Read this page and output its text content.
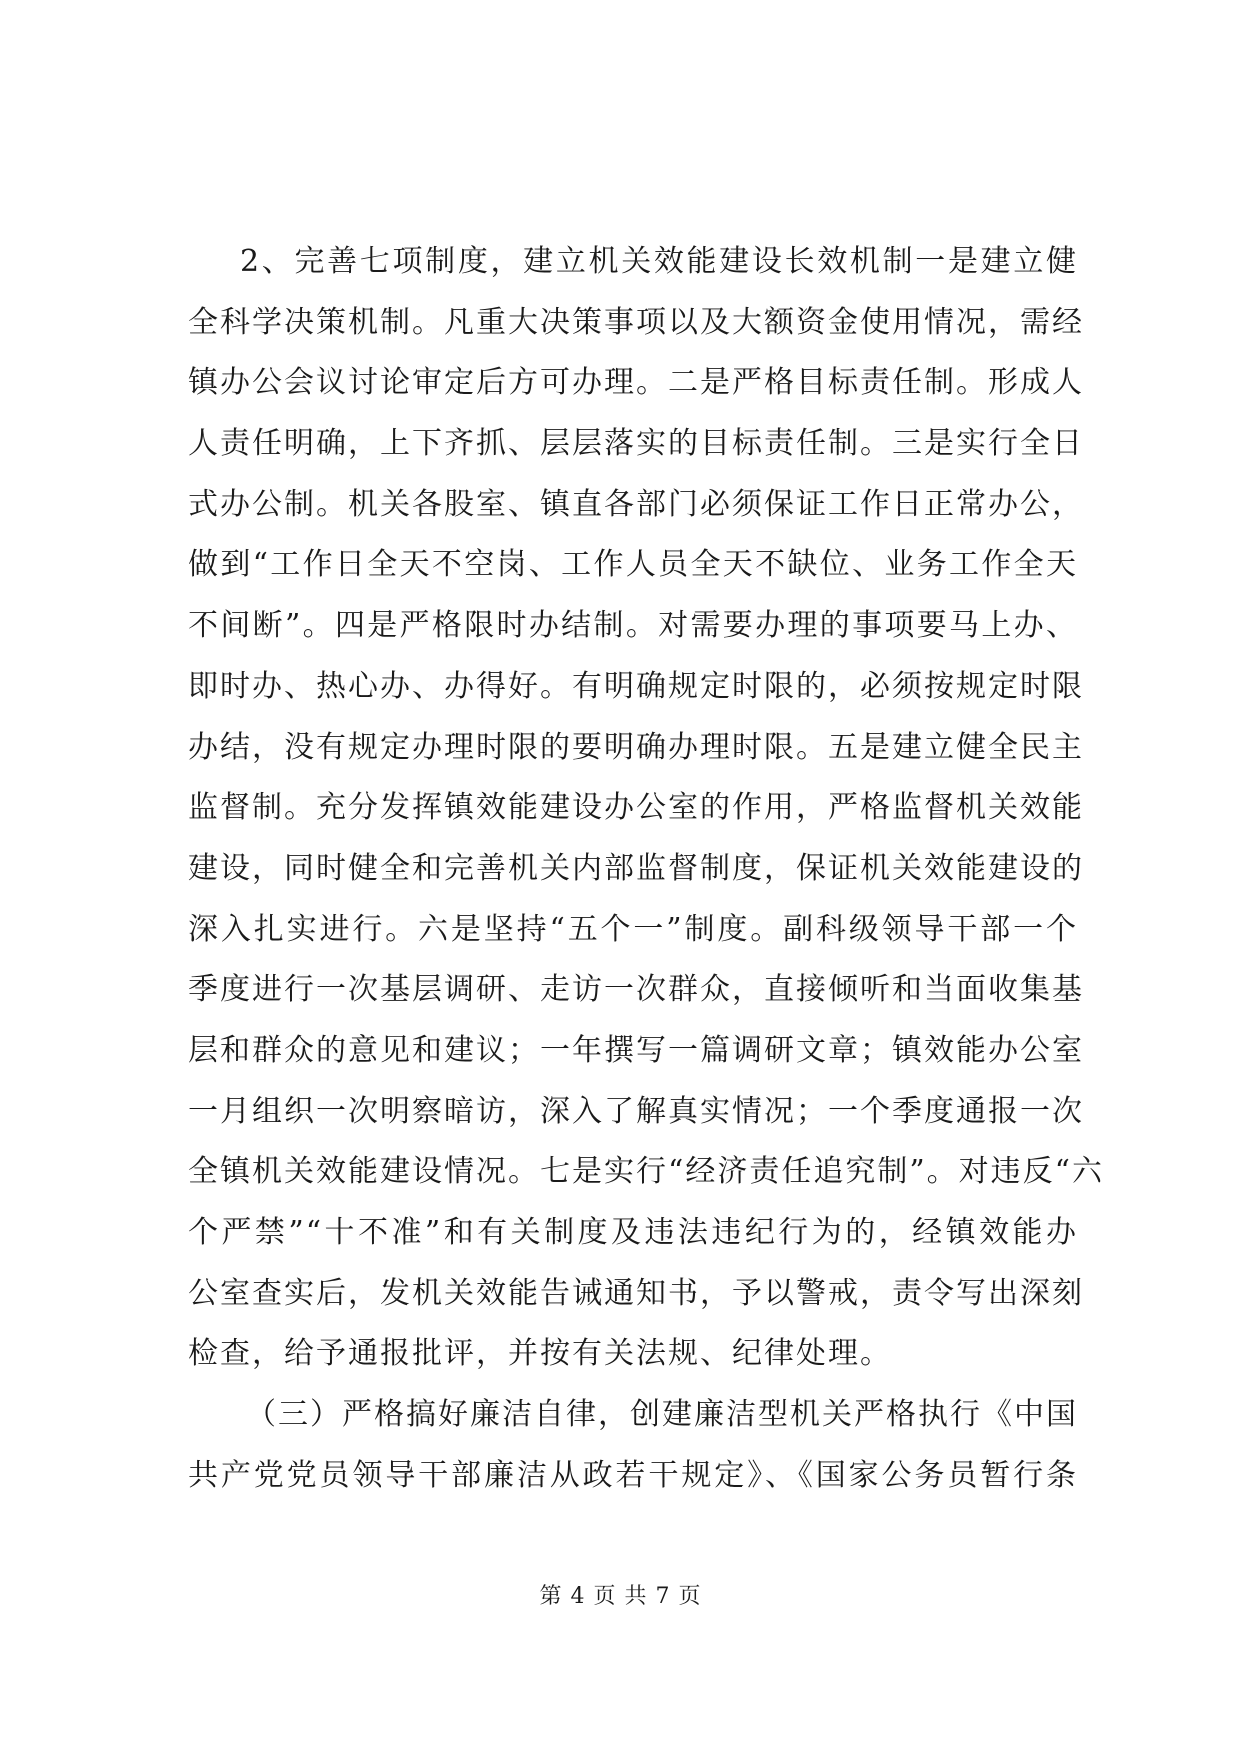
2、完善七项制度，建立机关效能建设长效机制一是建立健
全科学决策机制。凡重大决策事项以及大额资金使用情况，需经
镇办公会议讨论审定后方可办理。二是严格目标责任制。形成人
人责任明确，上下齐抓、层层落实的目标责任制。三是实行全日
式办公制。机关各股室、镇直各部门必须保证工作日正常办公，
做到“工作日全天不空岗、工作人员全天不缺位、业务工作全天
不间断”。四是严格限时办结制。对需要办理的事项要马上办、
即时办、热心办、办得好。有明确规定时限的，必须按规定时限
办结，没有规定办理时限的要明确办理时限。五是建立健全民主
监督制。充分发挥镇效能建设办公室的作用，严格监督机关效能
建设，同时健全和完善机关内部监督制度，保证机关效能建设的
深入扎实进行。六是坚持“五个一”制度。副科级领导干部一个
季度进行一次基层调研、走访一次群众，直接倾听和当面收集基
层和群众的意见和建议；一年撰写一篇调研文章；镇效能办公室
一月组织一次明察暗访，深入了解真实情况；一个季度通报一次
全镇机关效能建设情况。七是实行“经济责任追究制”。对违反“六
个严禁”“十不准”和有关制度及违法违纪行为的，经镇效能办
公室查实后，发机关效能告诫通知书，予以警戒，责令写出深刻
检查，给予通报批评，并按有关法规、纪律处理。
（三）严格搞好廉洁自律，创建廉洁型机关严格执行《中国
共产党党员领导干部廉洁从政若干规定》、《国家公务员暂行条
第 4 页 共 7 页
